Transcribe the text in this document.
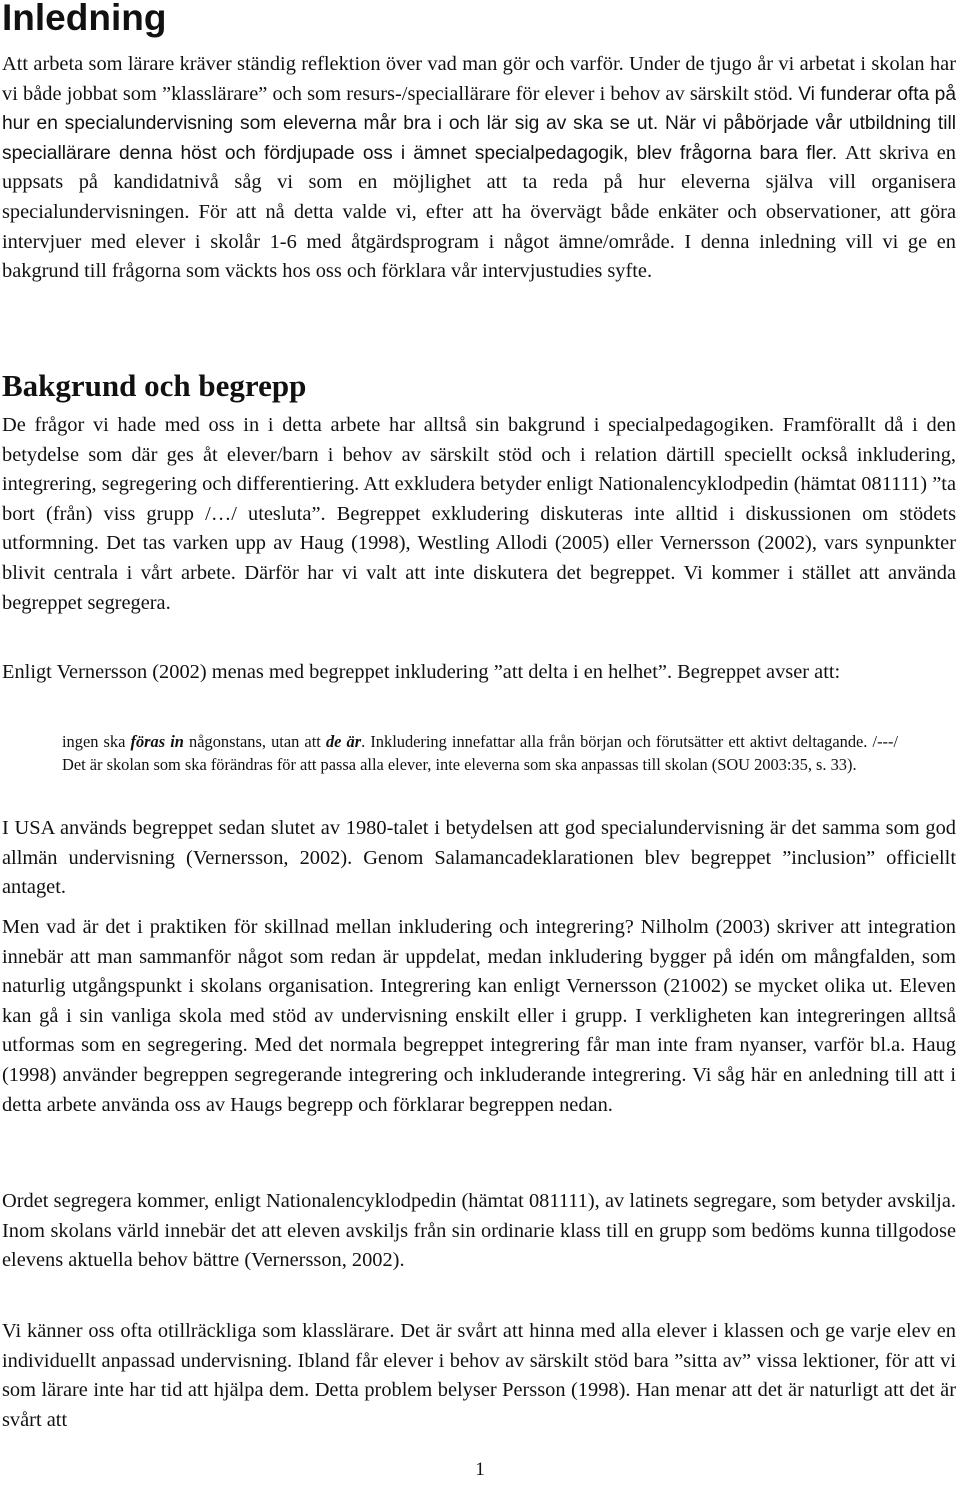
Inledning

Att arbeta som lärare kräver ständig reflektion över vad man gör och varför. Under de tjugo år vi arbetat i skolan har vi både jobbat som ”klasslärare” och som resurs-/speciallärare för elever i behov av särskilt stöd. Vi funderar ofta på hur en specialundervisning som eleverna mår bra i och lär sig av ska se ut. När vi påbörjade vår utbildning till speciallärare denna höst och fördjupade oss i ämnet specialpedagogik, blev frågorna bara fler. Att skriva en uppsats på kandidatnivå såg vi som en möjlighet att ta reda på hur eleverna själva vill organisera specialundervisningen. För att nå detta valde vi, efter att ha övervägt både enkäter och observationer, att göra intervjuer med elever i skolår 1-6 med åtgärdsprogram i något ämne/område. I denna inledning vill vi ge en bakgrund till frågorna som väckts hos oss och förklara vår intervjustudies syfte.

Bakgrund och begrepp

De frågor vi hade med oss in i detta arbete har alltså sin bakgrund i specialpedagogiken. Framförallt då i den betydelse som där ges åt elever/barn i behov av särskilt stöd och i relation därtill speciellt också inkludering, integrering, segregering och differentiering. Att exkludera betyder enligt Nationalencyklodpedin (hämtat 081111) ”ta bort (från) viss grupp /…/ utesluta”. Begreppet exkludering diskuteras inte alltid i diskussionen om stödets utformning. Det tas varken upp av Haug (1998), Westling Allodi (2005) eller Vernersson (2002), vars synpunkter blivit centrala i vårt arbete. Därför har vi valt att inte diskutera det begreppet. Vi kommer i stället att använda begreppet segregera.

Enligt Vernersson (2002) menas med begreppet inkludering ”att delta i en helhet”. Begreppet avser att:

ingen ska föras in någonstans, utan att de är. Inkludering innefattar alla från början och förutsätter ett aktivt deltagande. /---/ Det är skolan som ska förändras för att passa alla elever, inte eleverna som ska anpassas till skolan (SOU 2003:35, s. 33).

I USA används begreppet sedan slutet av 1980-talet i betydelsen att god specialundervisning är det samma som god allmän undervisning (Vernersson, 2002). Genom Salamancadeklarationen blev begreppet ”inclusion” officiellt antaget.

Men vad är det i praktiken för skillnad mellan inkludering och integrering? Nilholm (2003) skriver att integration innebär att man sammanför något som redan är uppdelat, medan inkludering bygger på idén om mångfalden, som naturlig utgångspunkt i skolans organisation. Integrering kan enligt Vernersson (21002) se mycket olika ut. Eleven kan gå i sin vanliga skola med stöd av undervisning enskilt eller i grupp. I verkligheten kan integreringen alltså utformas som en segregering. Med det normala begreppet integrering får man inte fram nyanser, varför bl.a. Haug (1998) använder begreppen segregerande integrering och inkluderande integrering. Vi såg här en anledning till att i detta arbete använda oss av Haugs begrepp och förklarar begreppen nedan.

Ordet segregera kommer, enligt Nationalencyklodpedin (hämtat 081111), av latinets segregare, som betyder avskilja. Inom skolans värld innebär det att eleven avskiljs från sin ordinarie klass till en grupp som bedöms kunna tillgodose elevens aktuella behov bättre (Vernersson, 2002).

Vi känner oss ofta otillräckliga som klasslärare. Det är svårt att hinna med alla elever i klassen och ge varje elev en individuellt anpassad undervisning. Ibland får elever i behov av särskilt stöd bara ”sitta av” vissa lektioner, för att vi som lärare inte har tid att hjälpa dem. Detta problem belyser Persson (1998). Han menar att det är naturligt att det är svårt att

1
